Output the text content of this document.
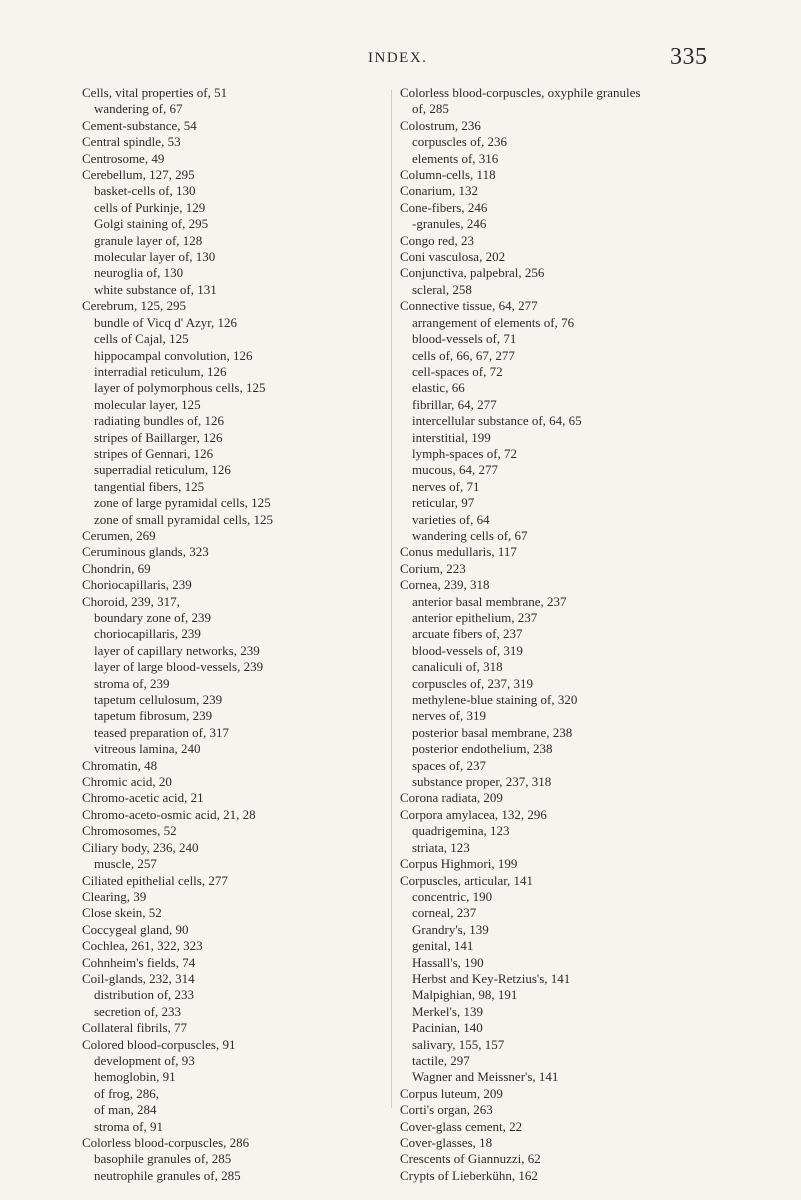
INDEX.	335
Cells, vital properties of, 51
wandering of, 67
Cement-substance, 54
Central spindle, 53
Centrosome, 49
Cerebellum, 127, 295
basket-cells of, 130
cells of Purkinje, 129
Golgi staining of, 295
granule layer of, 128
molecular layer of, 130
neuroglia of, 130
white substance of, 131
Cerebrum, 125, 295
bundle of Vicq d' Azyr, 126
cells of Cajal, 125
hippocampal convolution, 126
interradial reticulum, 126
layer of polymorphous cells, 125
molecular layer, 125
radiating bundles of, 126
stripes of Baillarger, 126
stripes of Gennari, 126
superradial reticulum, 126
tangential fibers, 125
zone of large pyramidal cells, 125
zone of small pyramidal cells, 125
Cerumen, 269
Ceruminous glands, 323
Chondrin, 69
Choriocapillaris, 239
Choroid, 239, 317,
boundary zone of, 239
choriocapillaris, 239
layer of capillary networks, 239
layer of large blood-vessels, 239
stroma of, 239
tapetum cellulosum, 239
tapetum fibrosum, 239
teased preparation of, 317
vitreous lamina, 240
Chromatin, 48
Chromic acid, 20
Chromo-acetic acid, 21
Chromo-aceto-osmic acid, 21, 28
Chromosomes, 52
Ciliary body, 236, 240
muscle, 257
Ciliated epithelial cells, 277
Clearing, 39
Close skein, 52
Coccygeal gland, 90
Cochlea, 261, 322, 323
Cohnheim's fields, 74
Coil-glands, 232, 314
distribution of, 233
secretion of, 233
Collateral fibrils, 77
Colored blood-corpuscles, 91
development of, 93
hemoglobin, 91
of frog, 286,
of man, 284
stroma of, 91
Colorless blood-corpuscles, 286
basophile granules of, 285
neutrophile granules of, 285
Colorless blood-corpuscles, oxyphile granules
of, 285
Colostrum, 236
corpuscles of, 236
elements of, 316
Column-cells, 118
Conarium, 132
Cone-fibers, 246
-granules, 246
Congo red, 23
Coni vasculosa, 202
Conjunctiva, palpebral, 256
scleral, 258
Connective tissue, 64, 277
arrangement of elements of, 76
blood-vessels of, 71
cells of, 66, 67, 277
cell-spaces of, 72
elastic, 66
fibrillar, 64, 277
intercellular substance of, 64, 65
interstitial, 199
lymph-spaces of, 72
mucous, 64, 277
nerves of, 71
reticular, 97
varieties of, 64
wandering cells of, 67
Conus medullaris, 117
Corium, 223
Cornea, 239, 318
anterior basal membrane, 237
anterior epithelium, 237
arcuate fibers of, 237
blood-vessels of, 319
canaliculi of, 318
corpuscles of, 237, 319
methylene-blue staining of, 320
nerves of, 319
posterior basal membrane, 238
posterior endothelium, 238
spaces of, 237
substance proper, 237, 318
Corona radiata, 209
Corpora amylacea, 132, 296
quadrigemina, 123
striata, 123
Corpus Highmori, 199
Corpuscles, articular, 141
concentric, 190
corneal, 237
Grandry's, 139
genital, 141
Hassall's, 190
Herbst and Key-Retzius's, 141
Malpighian, 98, 191
Merkel's, 139
Pacinian, 140
salivary, 155, 157
tactile, 297
Wagner and Meissner's, 141
Corpus luteum, 209
Corti's organ, 263
Cover-glass cement, 22
Cover-glasses, 18
Crescents of Giannuzzi, 62
Crypts of Lieberkühn, 162
